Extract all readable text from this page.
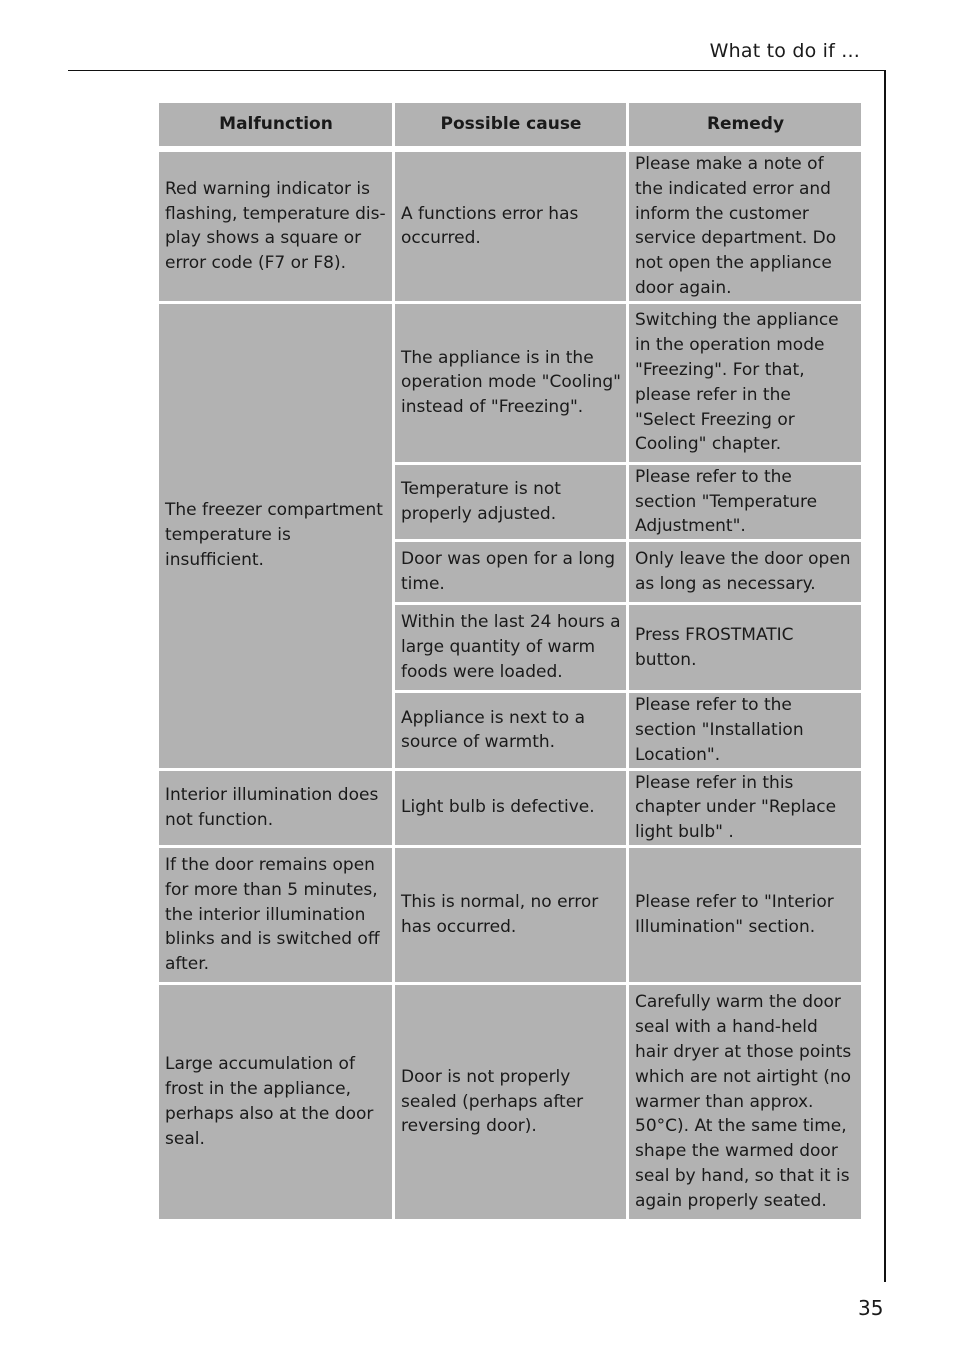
What to do if ...
Malfunction	Possible cause	Remedy

Red warning indicator is flashing, temperature dis-play shows a square or error code (F7 or F8).	A functions error has occurred.	Please make a note of the indicated error and inform the customer service department. Do not open the appliance door again.
The freezer compartment temperature is insufficient.	The appliance is in the operation mode "Cooling" instead of "Freezing".	Switching the appliance in the operation mode "Freezing". For that, please refer in the "Select Freezing or Cooling" chapter.
	Temperature is not properly adjusted.	Please refer to the section "Temperature Adjustment".
	Door was open for a long time.	Only leave the door open as long as necessary.
	Within the last 24 hours a large quantity of warm foods were loaded.	Press FROSTMATIC button.
	Appliance is next to a source of warmth.	Please refer to the section "Installation Location".
Interior illumination does not function.	Light bulb is defective.	Please refer in this chapter under "Replace light bulb" .
If the door remains open for more than 5 minutes, the interior illumination blinks and is switched off after.	This is normal, no error has occurred.	Please refer to "Interior Illumination" section.
Large accumulation of frost in the appliance, perhaps also at the door seal.	Door is not properly sealed (perhaps after reversing door).	Carefully warm the door seal with a hand-held hair dryer at those points which are not airtight (no warmer than approx. 50°C). At the same time, shape the warmed door seal by hand, so that it is again properly seated.
35
